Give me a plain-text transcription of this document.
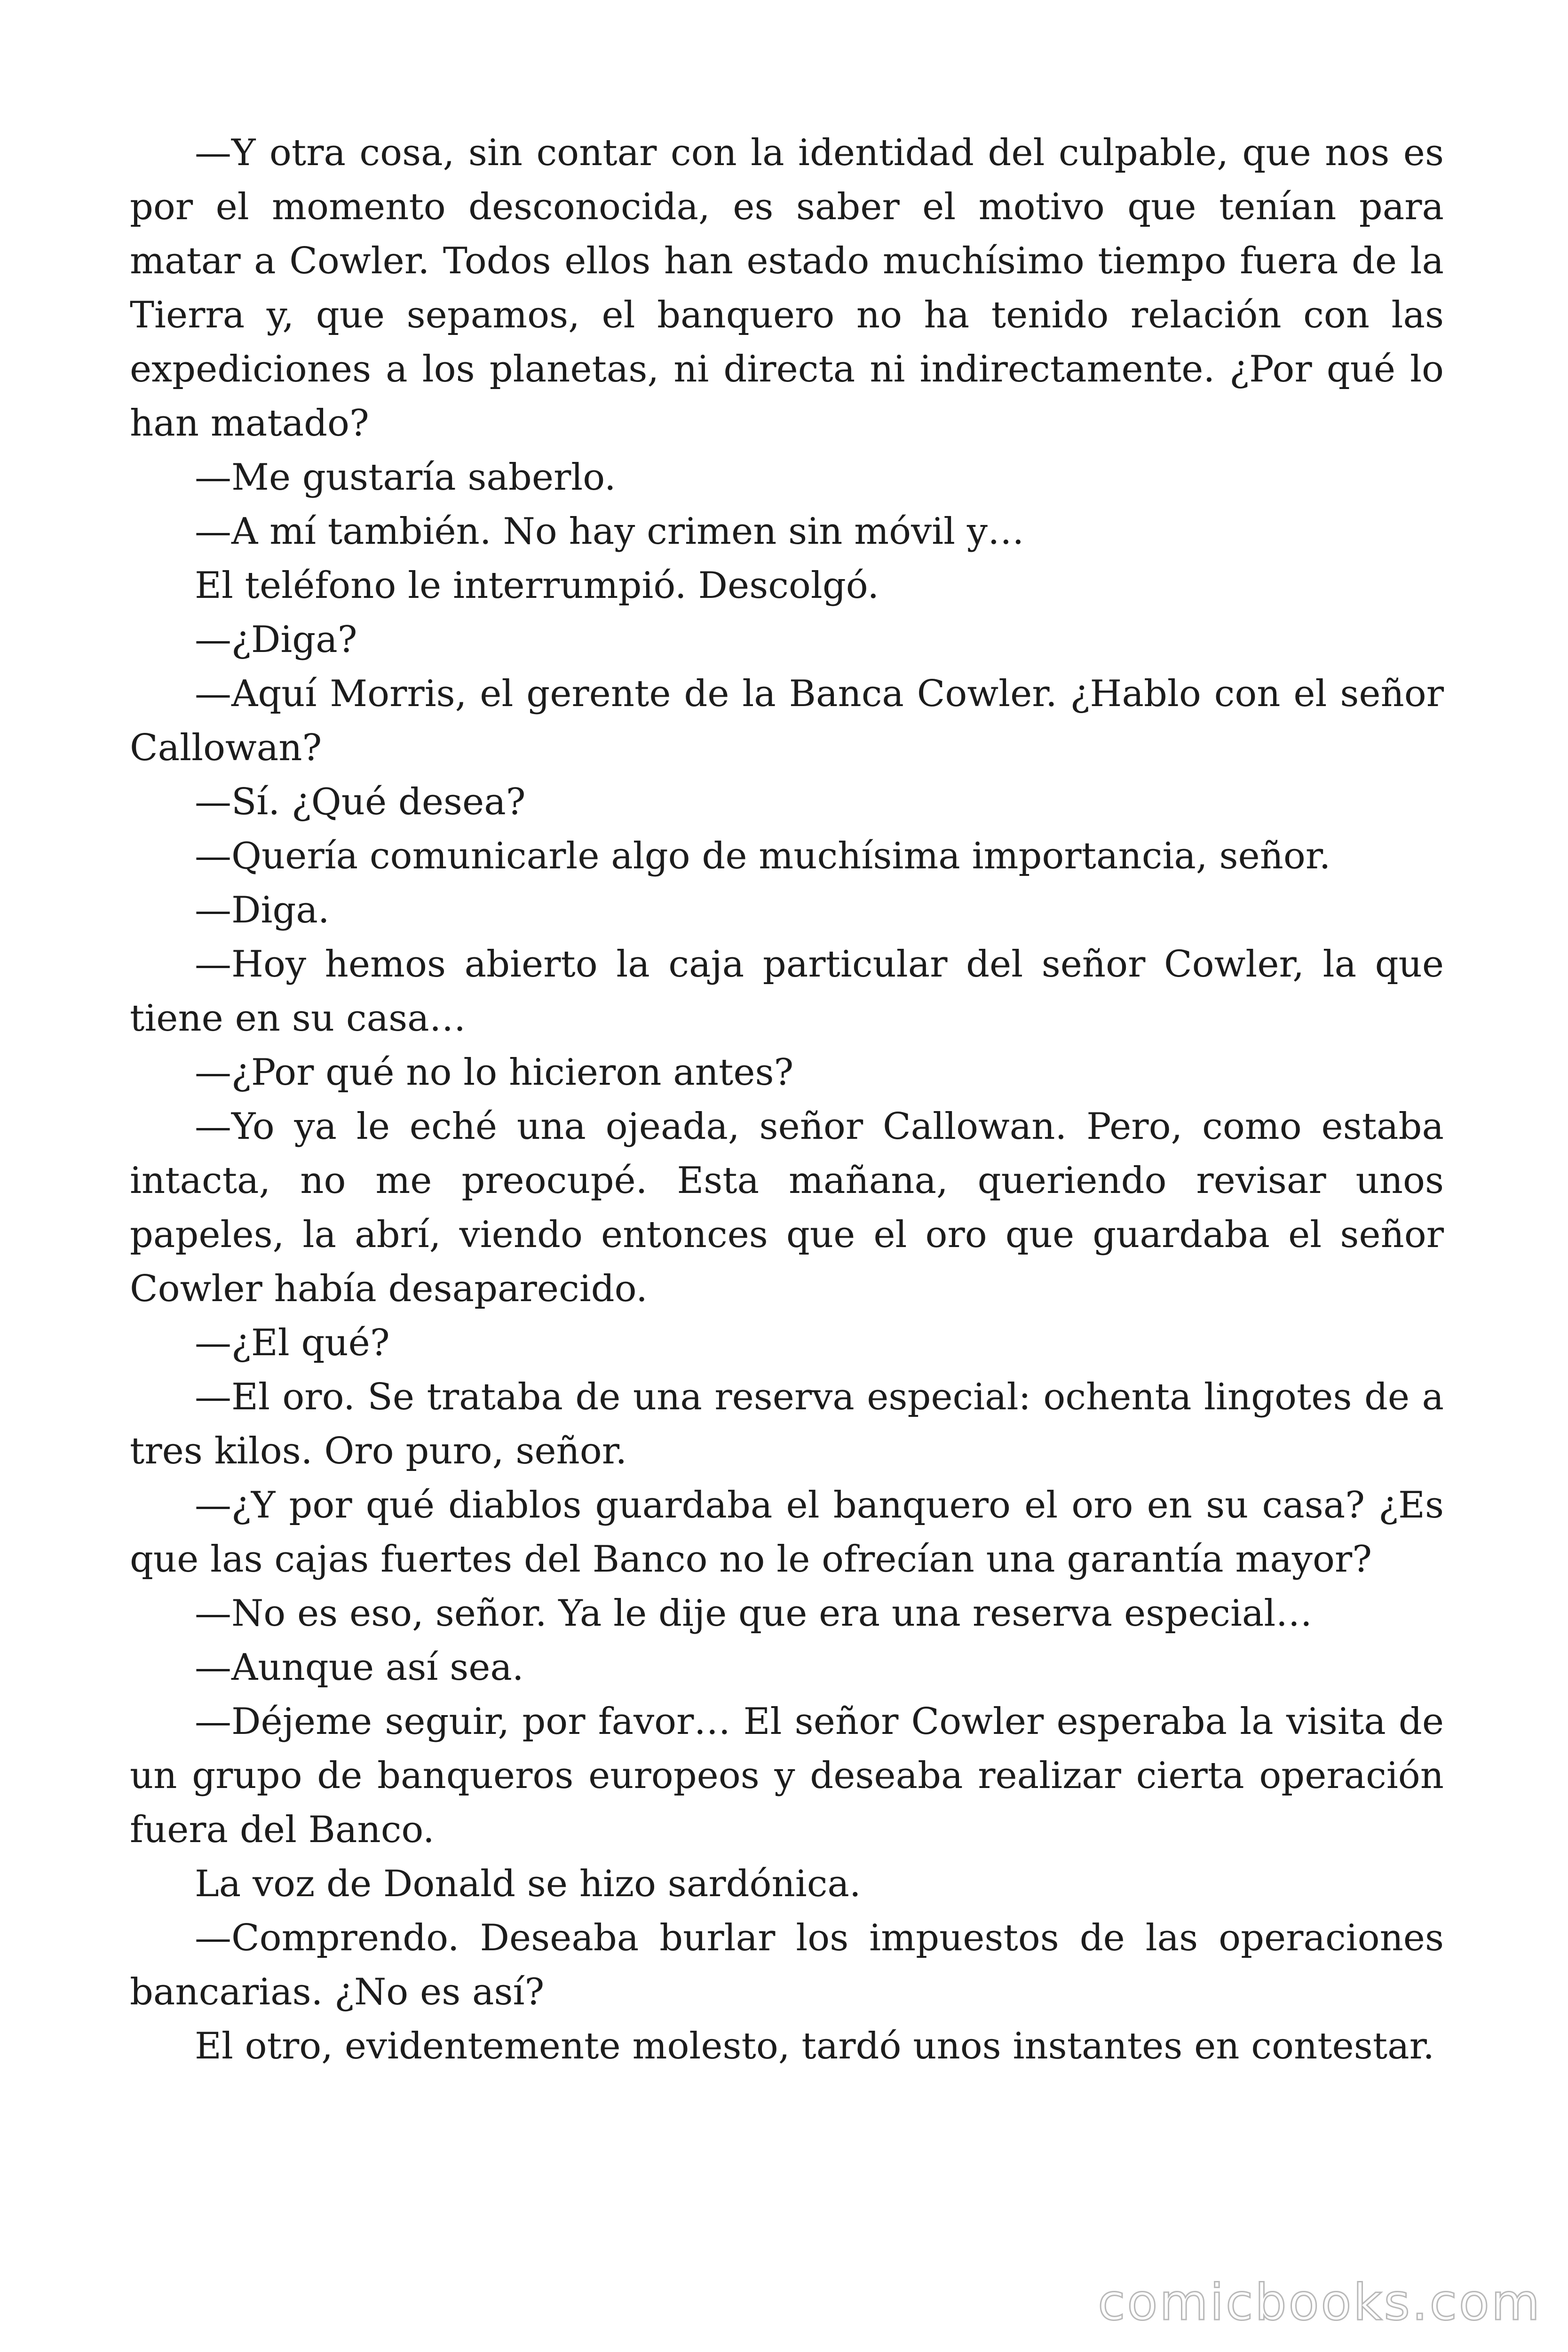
—Y otra cosa, sin contar con la identidad del culpable, que nos es por el momento desconocida, es saber el motivo que tenían para matar a Cowler. Todos ellos han estado muchísimo tiempo fuera de la Tierra y, que sepamos, el banquero no ha tenido relación con las expediciones a los planetas, ni directa ni indirectamente. ¿Por qué lo han matado?

—Me gustaría saberlo.

—A mí también. No hay crimen sin móvil y…

El teléfono le interrumpió. Descolgó.

—¿Diga?

—Aquí Morris, el gerente de la Banca Cowler. ¿Hablo con el señor Callowan?

—Sí. ¿Qué desea?

—Quería comunicarle algo de muchísima importancia, señor.

—Diga.

—Hoy hemos abierto la caja particular del señor Cowler, la que tiene en su casa…

—¿Por qué no lo hicieron antes?

—Yo ya le eché una ojeada, señor Callowan. Pero, como estaba intacta, no me preocupé. Esta mañana, queriendo revisar unos papeles, la abrí, viendo entonces que el oro que guardaba el señor Cowler había desaparecido.

—¿El qué?

—El oro. Se trataba de una reserva especial: ochenta lingotes de a tres kilos. Oro puro, señor.

—¿Y por qué diablos guardaba el banquero el oro en su casa? ¿Es que las cajas fuertes del Banco no le ofrecían una garantía mayor?

—No es eso, señor. Ya le dije que era una reserva especial…

—Aunque así sea.

—Déjeme seguir, por favor… El señor Cowler esperaba la visita de un grupo de banqueros europeos y deseaba realizar cierta operación fuera del Banco.

La voz de Donald se hizo sardónica.

—Comprendo. Deseaba burlar los impuestos de las operaciones bancarias. ¿No es así?

El otro, evidentemente molesto, tardó unos instantes en contestar.

comicbooks.com
